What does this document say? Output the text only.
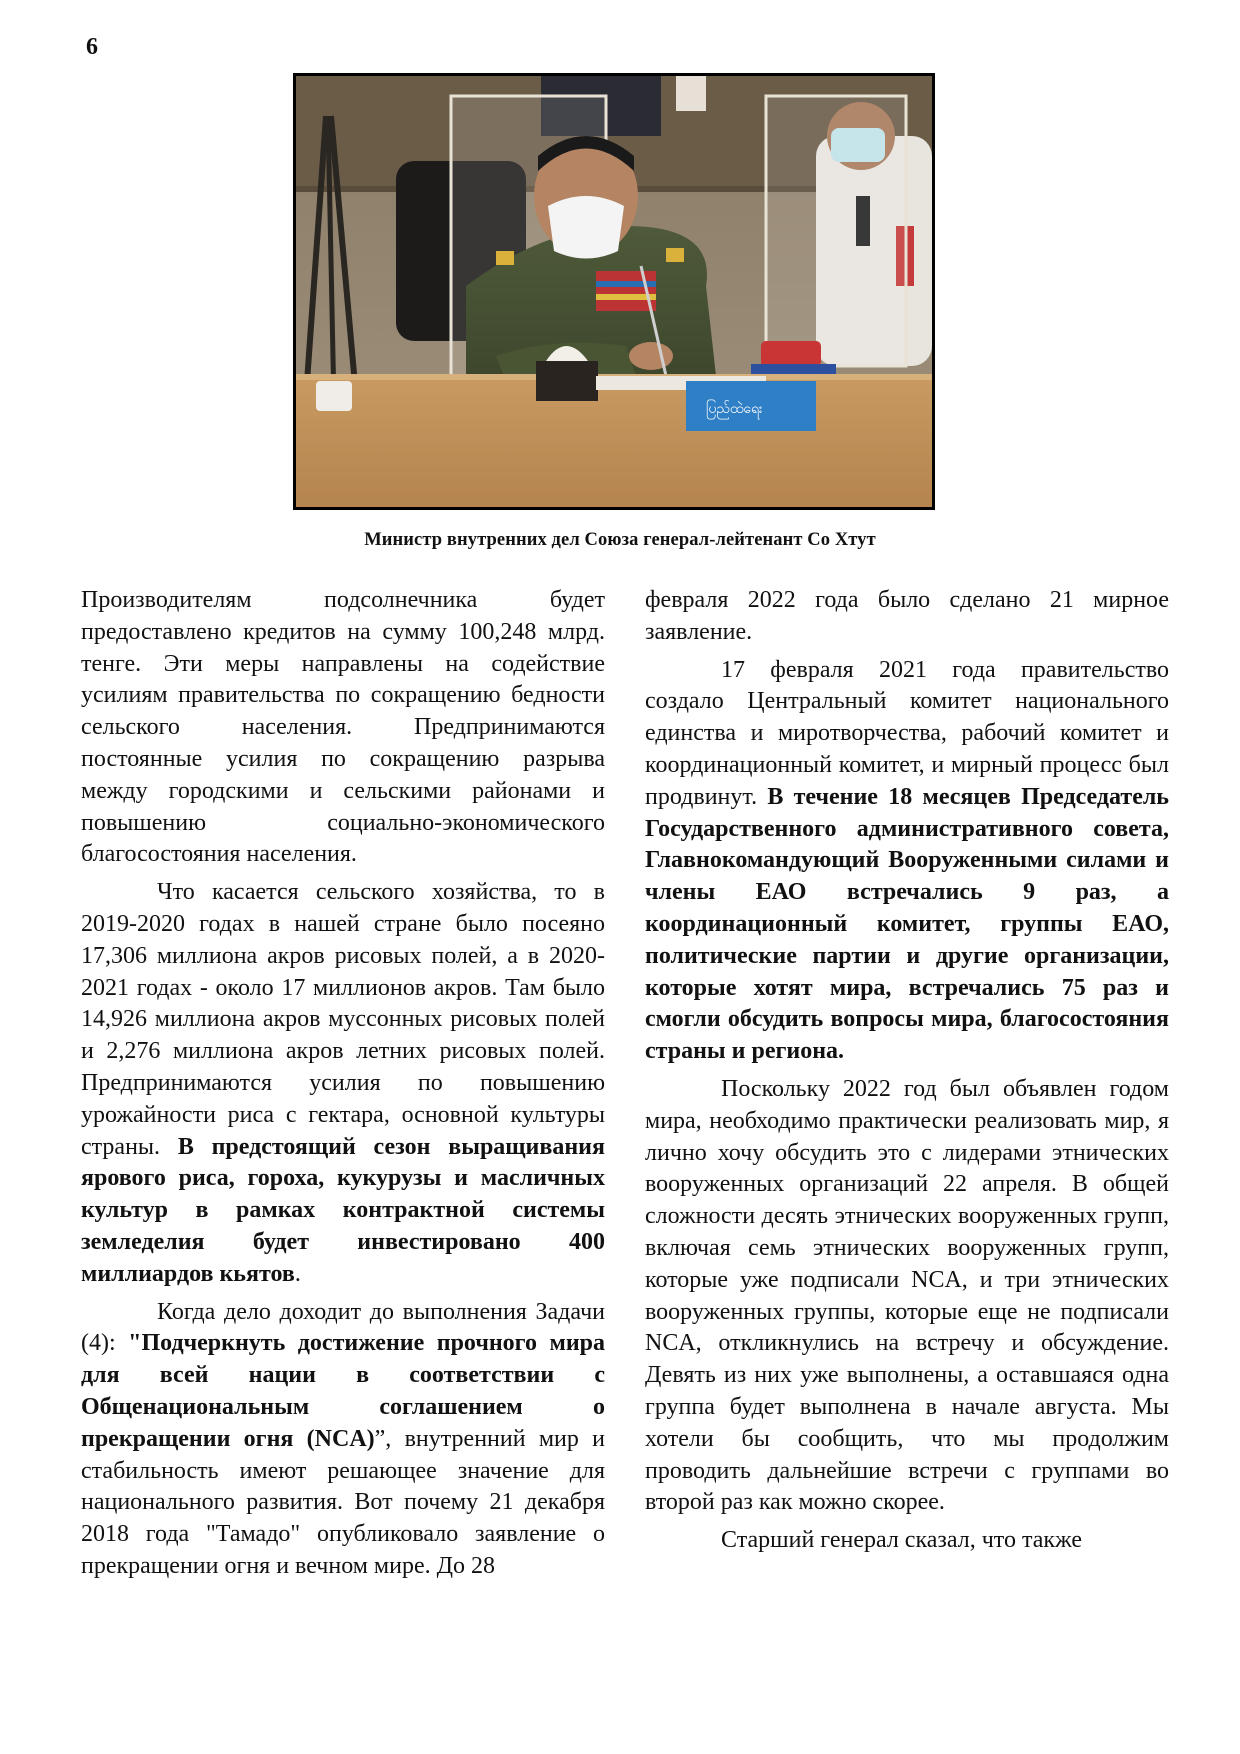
6
ပြည်ထဲရေး
Министр внутренних дел Союза генерал-лейтенант Со Хтут

Производителям подсолнечника будет предоставлено кредитов на сумму 100,248 млрд. тенге. Эти меры направлены на содействие усилиям правительства по сокращению бедности сельского населения. Предпринимаются постоянные усилия по сокращению разрыва между городскими и сельскими районами и повышению социально-экономического благосостояния населения.

Что касается сельского хозяйства, то в 2019-2020 годах в нашей стране было посеяно 17,306 миллиона акров рисовых полей, а в 2020-2021 годах - около 17 миллионов акров. Там было 14,926 миллиона акров муссонных рисовых полей и 2,276 миллиона акров летних рисовых полей. Предпринимаются усилия по повышению урожайности риса с гектара, основной культуры страны. В предстоящий сезон выращивания ярового риса, гороха, кукурузы и масличных культур в рамках контрактной системы земледелия будет инвестировано 400 миллиардов кьятов.

Когда дело доходит до выполнения Задачи (4): "Подчеркнуть достижение прочного мира для всей нации в соответствии с Общенациональным соглашением о прекращении огня (NCA)”, внутренний мир и стабильность имеют решающее значение для национального развития. Вот почему 21 декабря 2018 года "Тамадо" опубликовало заявление о прекращении огня и вечном мире. До 28

февраля 2022 года было сделано 21 мирное заявление.

17 февраля 2021 года правительство создало Центральный комитет национального единства и миротворчества, рабочий комитет и координационный комитет, и мирный процесс был продвинут. В течение 18 месяцев Председатель Государственного административного совета, Главнокомандующий Вооруженными силами и члены ЕАО встречались 9 раз, а координационный комитет, группы ЕАО, политические партии и другие организации, которые хотят мира, встречались 75 раз и смогли обсудить вопросы мира, благосостояния страны и региона.

Поскольку 2022 год был объявлен годом мира, необходимо практически реализовать мир, я лично хочу обсудить это с лидерами этнических вооруженных организаций 22 апреля. В общей сложности десять этнических вооруженных групп, включая семь этнических вооруженных групп, которые уже подписали NCA, и три этнических вооруженных группы, которые еще не подписали NCA, откликнулись на встречу и обсуждение. Девять из них уже выполнены, а оставшаяся одна группа будет выполнена в начале августа. Мы хотели бы сообщить, что мы продолжим проводить дальнейшие встречи с группами во второй раз как можно скорее.

Старший генерал сказал, что также
